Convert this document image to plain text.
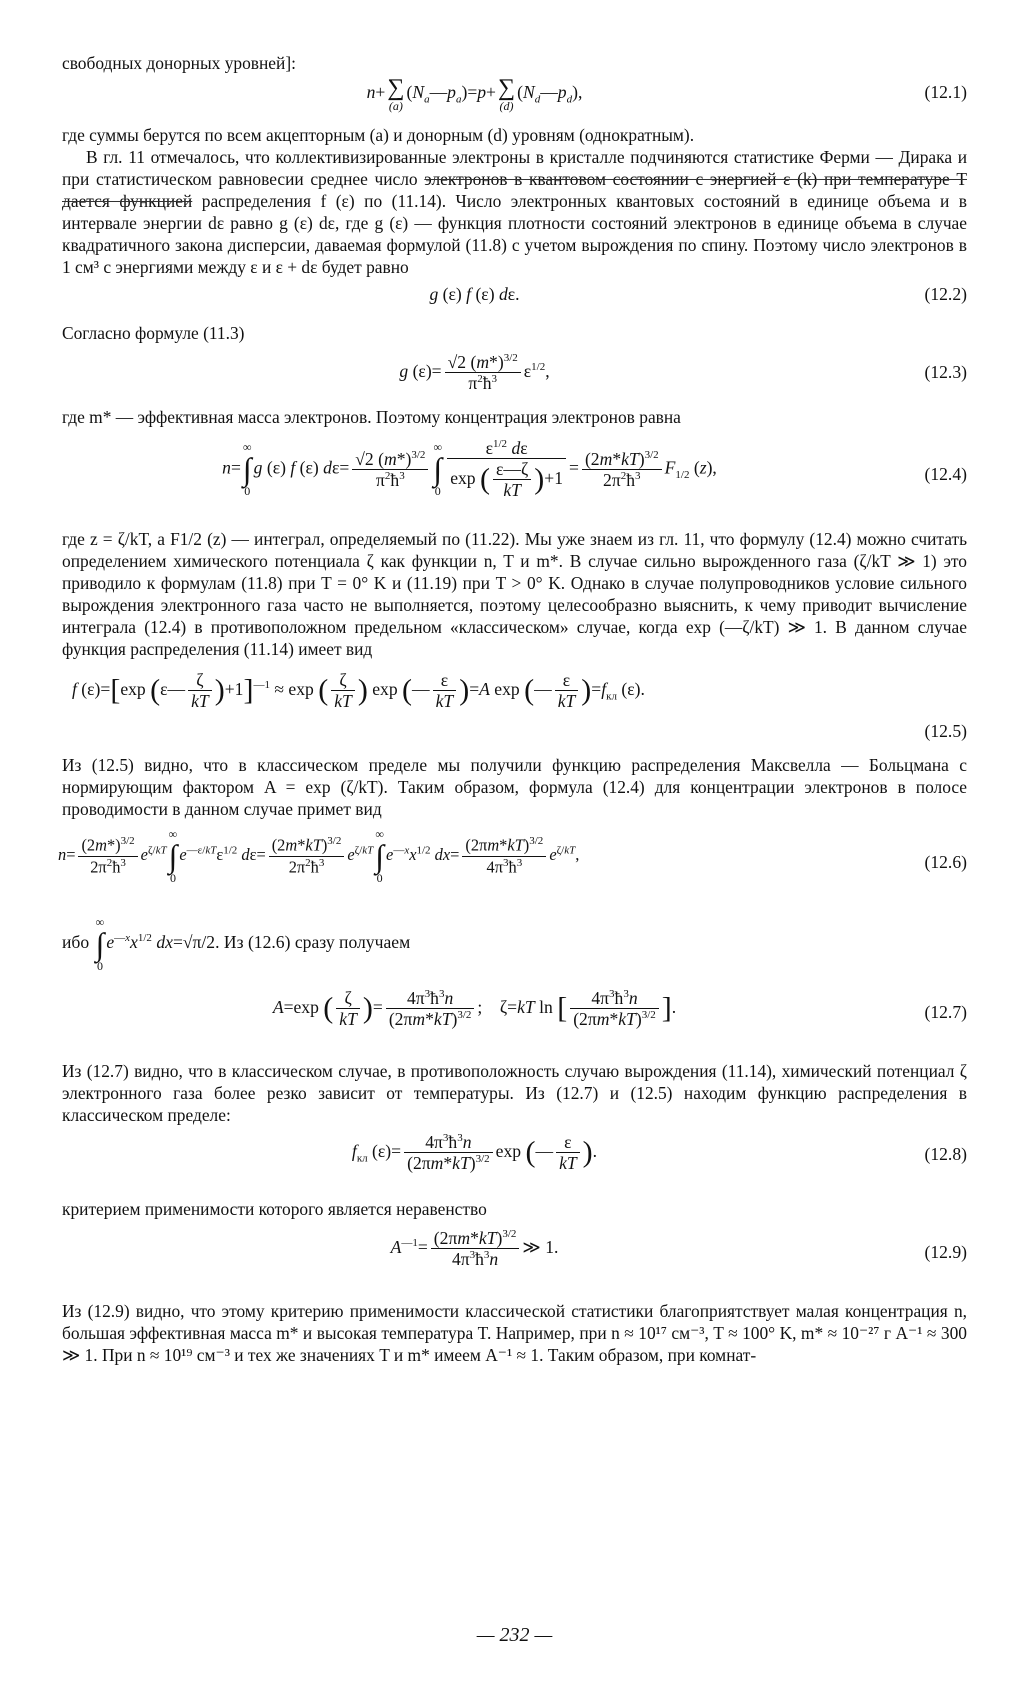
свободных донорных уровней]:

n+ ∑
(a)
$(N_a—p_a)=p+$ ∑
(d)
$(N_d—p_d)$,	(12.1)

где суммы берутся по всем акцепторным (a) и донорным (d) уровням (однократным).

В гл. 11 отмечалось, что коллективизированные электроны в кристалле подчиняются статистике Ферми — Дирака и при статистическом равновесии среднее число электронов в квантовом состоянии с энергией ε (k) при температуре T дается функцией распределения f (ε) по (11.14). Число электронных квантовых состояний в единице объема и в интервале энергии dε равно g (ε) dε, где g (ε) — функция плотности состояний электронов в единице объема в случае квадратичного закона дисперсии, даваемая формулой (11.8) с учетом вырождения по спину. Поэтому число электронов в 1 см³ с энергиями между ε и ε + dε будет равно

g (ε) f (ε) dε.	(12.2)

Согласно формуле (11.3)

g $(\varepsilon)= \frac{√2 (m*)^{3/2}}{\pi^2ħ^3} \varepsilon^{1/2}$,	(12.3)

где m* — эффективная масса электронов. Поэтому концентрация электронов равна

n=
∞
∫
0
g (ε) f (ε) $d\varepsilon= \frac{√2 (m*)^{3/2}}{\pi^2ħ^3}$
∞
∫
$0 \frac{\varepsilon^{1/2} d\varepsilon}{\exp ( \frac{\varepsilon—\zeta}{kT} )+1} = \frac{(2m*kT)^{3/2}}{2\pi^2ħ^3} F_{1/2}$ (z),	(12.4)

где z = ζ/kT, а F1/2 (z) — интеграл, определяемый по (11.22). Мы уже знаем из гл. 11, что формулу (12.4) можно считать определением химического потенциала ζ как функции n, T и m*. В случае сильно вырожденного газа (ζ/kT ≫ 1) это приводило к формулам (11.8) при T = 0° K и (11.19) при T > 0° K. Однако в случае полупроводников условие сильного вырождения электронного газа часто не выполняется, поэтому целесообразно выяснить, к чему приводит вычисление интеграла (12.4) в противоположном предельном «классическом» случае, когда exp (—ζ/kT) ≫ 1. В данном случае функция распределения (11.14) имеет вид

f (ε)=[exp (ε— $\frac{\zeta}{kT} )+1]^{—1} \approx \exp$ ( $\frac{\zeta}{kT}$ ) exp (— $\frac{\varepsilon}{kT} )=A$ exp (— $\frac{\varepsilon}{kT} )=f_{кл}$ (ε).
(12.5)

Из (12.5) видно, что в классическом пределе мы получили функцию распределения Максвелла — Больцмана с нормирующим фактором A = exp (ζ/kT). Таким образом, формула (12.4) для концентрации электронов в полосе проводимости в данном случае примет вид

$n= \frac{(2m*)^{3/2}}{2\pi^2ħ^3} e^{\zeta/kT}$
∞
∫
0
$e^{—\varepsilon/kT}\varepsilon^{1/2}$ $d\varepsilon= \frac{(2m*kT)^{3/2}}{2\pi^2ħ^3} e^{\zeta/kT}$
∞
∫
0
$e^{—x}x^{1/2}$ $dx= \frac{(2\pi m*kT)^{3/2}}{4\pi^3ħ^3} e^{\zeta/kT}$,	(12.6)
ибо
∞
∫
0
$e^{—x}x^{1/2}$ dx=√π/2. Из (12.6) сразу получаем
A=exp ( $\frac{\zeta}{kT}$ )= $\frac{4\pi^3ħ^3n}{(2\pi m*kT)^{3/2}}$ ;    ζ=kT ln [ $\frac{4\pi^3ħ^3n}{(2\pi m*kT)^{3/2}}$ ].	(12.7)

Из (12.7) видно, что в классическом случае, в противоположность случаю вырождения (11.14), химический потенциал ζ электронного газа более резко зависит от температуры. Из (12.7) и (12.5) находим функцию распределения в классическом пределе:

$f_{кл}$ $(\varepsilon)= \frac{4\pi^3ħ^3n}{(2\pi m*kT)^{3/2}}$ exp (— $\frac{\varepsilon}{kT}$ ).	(12.8)

критерием применимости которого является неравенство

$A^{—1}= \frac{(2\pi m*kT)^{3/2}}{4\pi^3ħ^3n}$ ≫ 1.	(12.9)

Из (12.9) видно, что этому критерию применимости классической статистики благоприятствует малая концентрация n, большая эффективная масса m* и высокая температура T. Например, при n ≈ 10¹⁷ см⁻³, T ≈ 100° K, m* ≈ 10⁻²⁷ г A⁻¹ ≈ 300 ≫ 1. При n ≈ 10¹⁹ см⁻³ и тех же значениях T и m* имеем A⁻¹ ≈ 1. Таким образом, при комнат-

— 232 —
